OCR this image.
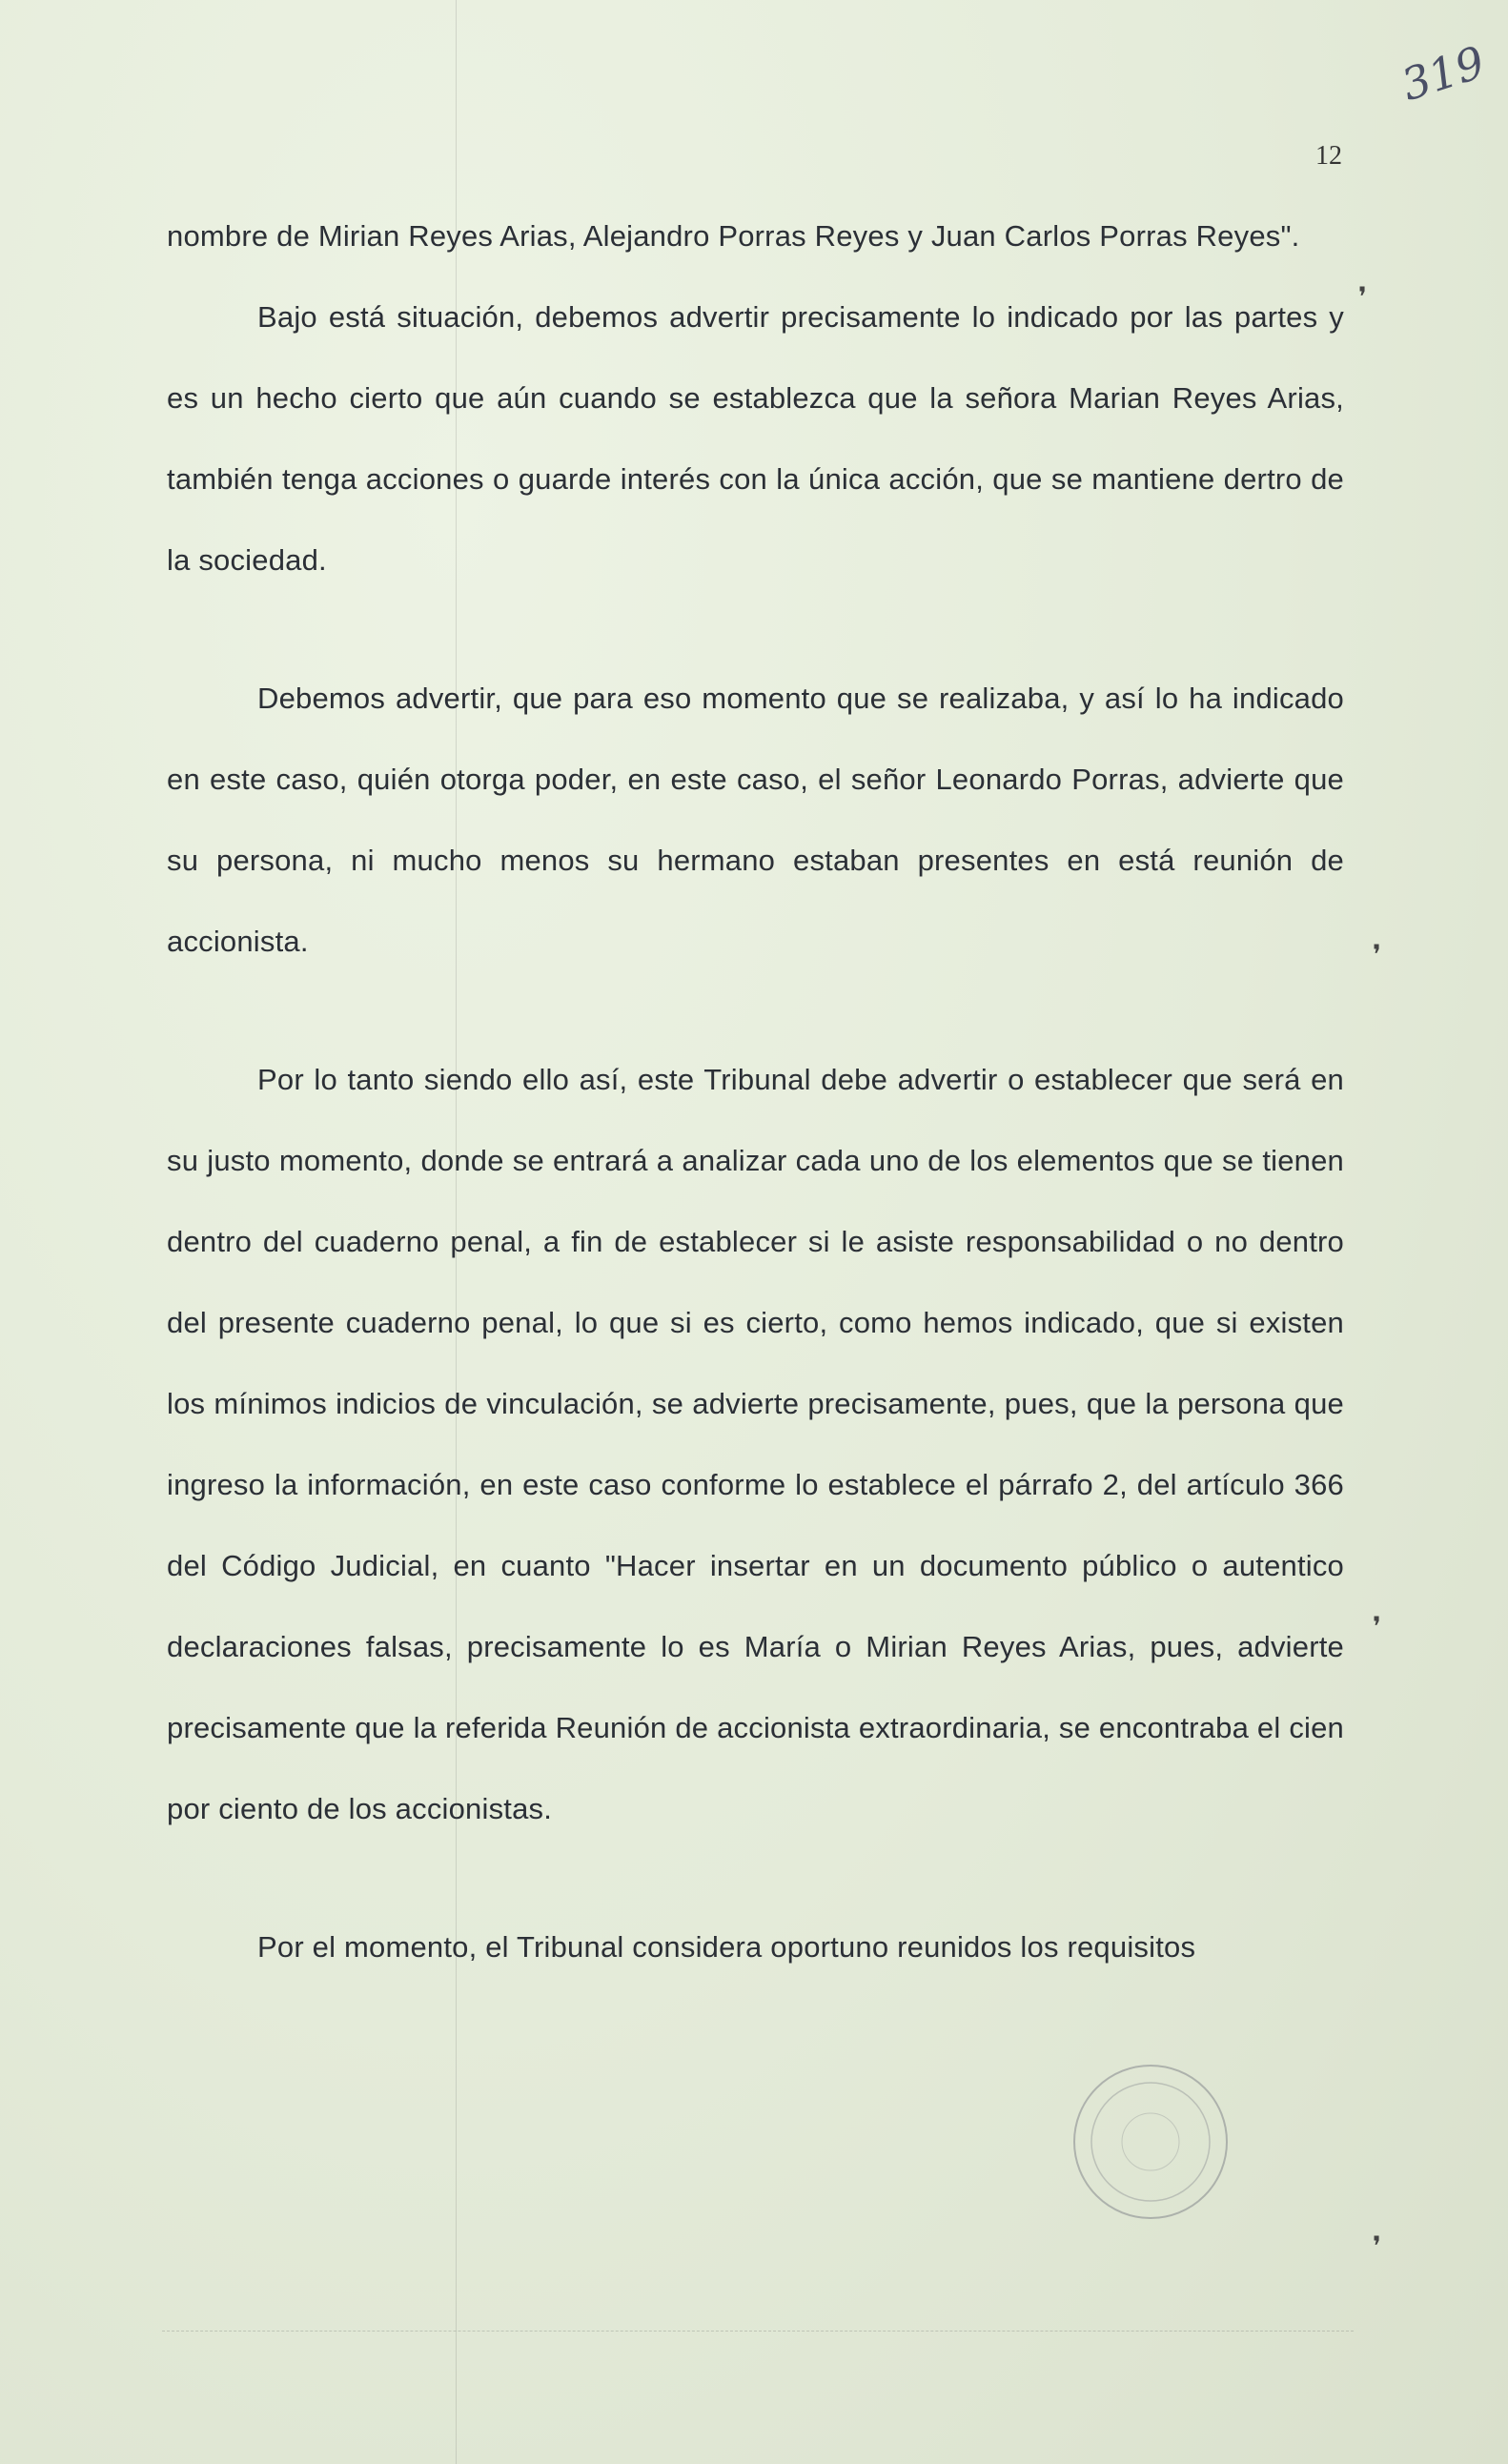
319
12
❜
❜
❜
❜

nombre de Mirian Reyes Arias, Alejandro Porras Reyes y Juan Carlos Porras Reyes".

Bajo está situación, debemos advertir precisamente lo indicado por las partes y es un hecho cierto que aún cuando se establezca que la señora Marian Reyes Arias, también tenga acciones o guarde interés con la única acción, que se mantiene dertro de la sociedad.

Debemos advertir, que para eso momento que se realizaba, y así lo ha indicado en este caso, quién otorga poder, en este caso, el señor Leonardo Porras, advierte que su persona, ni mucho menos su hermano estaban presentes en está reunión de accionista.

Por lo tanto siendo ello así, este Tribunal debe advertir o establecer que será en su justo momento, donde se entrará a analizar cada uno de los elementos que se tienen dentro del cuaderno penal, a fin de establecer si le asiste responsabilidad o no dentro del presente cuaderno penal, lo que si es cierto, como hemos indicado, que si existen los mínimos indicios de vinculación, se advierte precisamente, pues, que la persona que ingreso la información, en este caso conforme lo establece el párrafo 2, del artículo 366 del Código Judicial, en cuanto "Hacer insertar en un documento público o autentico declaraciones falsas, precisamente lo es María o Mirian Reyes Arias, pues, advierte precisamente que la referida Reunión de accionista extraordinaria, se encontraba el cien por ciento de los accionistas.

Por el momento, el Tribunal considera oportuno reunidos los requisitos
